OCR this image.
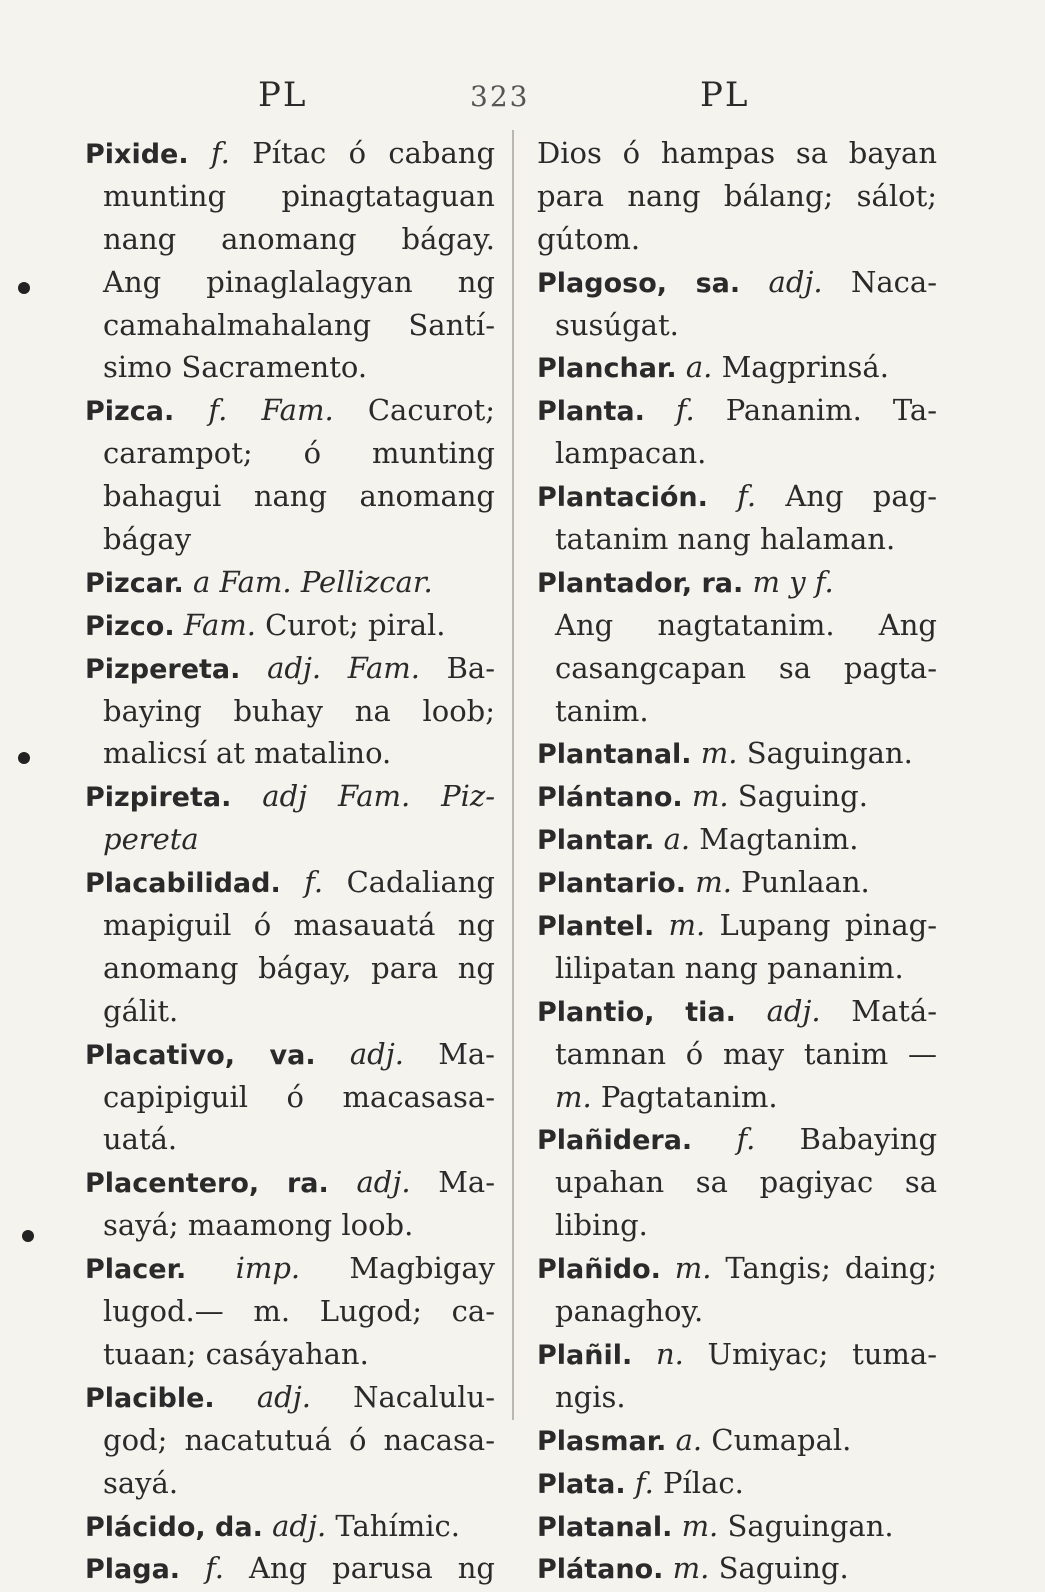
PL	323	PL
Pixide. f. Pítac ó cabang
munting pinagtataguan
nang anomang bágay.
Ang pinaglalagyan ng
camahalmahalang Santí-
simo Sacramento.
Pizca. f. Fam. Cacurot;
carampot; ó munting
bahagui nang anomang
bágay
Pizcar. a Fam. Pellizcar.
Pizco. Fam. Curot; piral.
Pizpereta. adj. Fam. Ba-
baying buhay na loob;
malicsí at matalino.
Pizpireta. adj Fam. Piz-
pereta
Placabilidad. f. Cadaliang
mapiguil ó masauatá ng
anomang bágay, para ng
gálit.
Placativo, va. adj. Ma-
capipiguil ó macasasa-
uatá.
Placentero, ra. adj. Ma-
sayá; maamong loob.
Placer. imp. Magbigay
lugod.— m. Lugod; ca-
tuaan; casáyahan.
Placible. adj. Nacalulu-
god; nacatutuá ó nacasa-
sayá.
Plácido, da. adj. Tahímic.
Plaga. f. Ang parusa ng
Dios ó hampas sa bayan
para nang bálang; sálot;
gútom.
Plagoso, sa. adj. Naca-
susúgat.
Planchar. a. Magprinsá.
Planta. f. Pananim. Ta-
lampacan.
Plantación. f. Ang pag-
tatanim nang halaman.
Plantador, ra. m y f.
Ang nagtatanim. Ang
casangcapan sa pagta-
tanim.
Plantanal. m. Saguingan.
Plántano. m. Saguing.
Plantar. a. Magtanim.
Plantario. m. Punlaan.
Plantel. m. Lupang pinag-
lilipatan nang pananim.
Plantio, tia. adj. Matá-
tamnan ó may tanim —
m. Pagtatanim.
Plañidera. f. Babaying
upahan sa pagiyac sa
libing.
Plañido. m. Tangis; daing;
panaghoy.
Plañil. n. Umiyac; tuma-
ngis.
Plasmar. a. Cumapal.
Plata. f. Pílac.
Platanal. m. Saguingan.
Plátano. m. Saguing.
